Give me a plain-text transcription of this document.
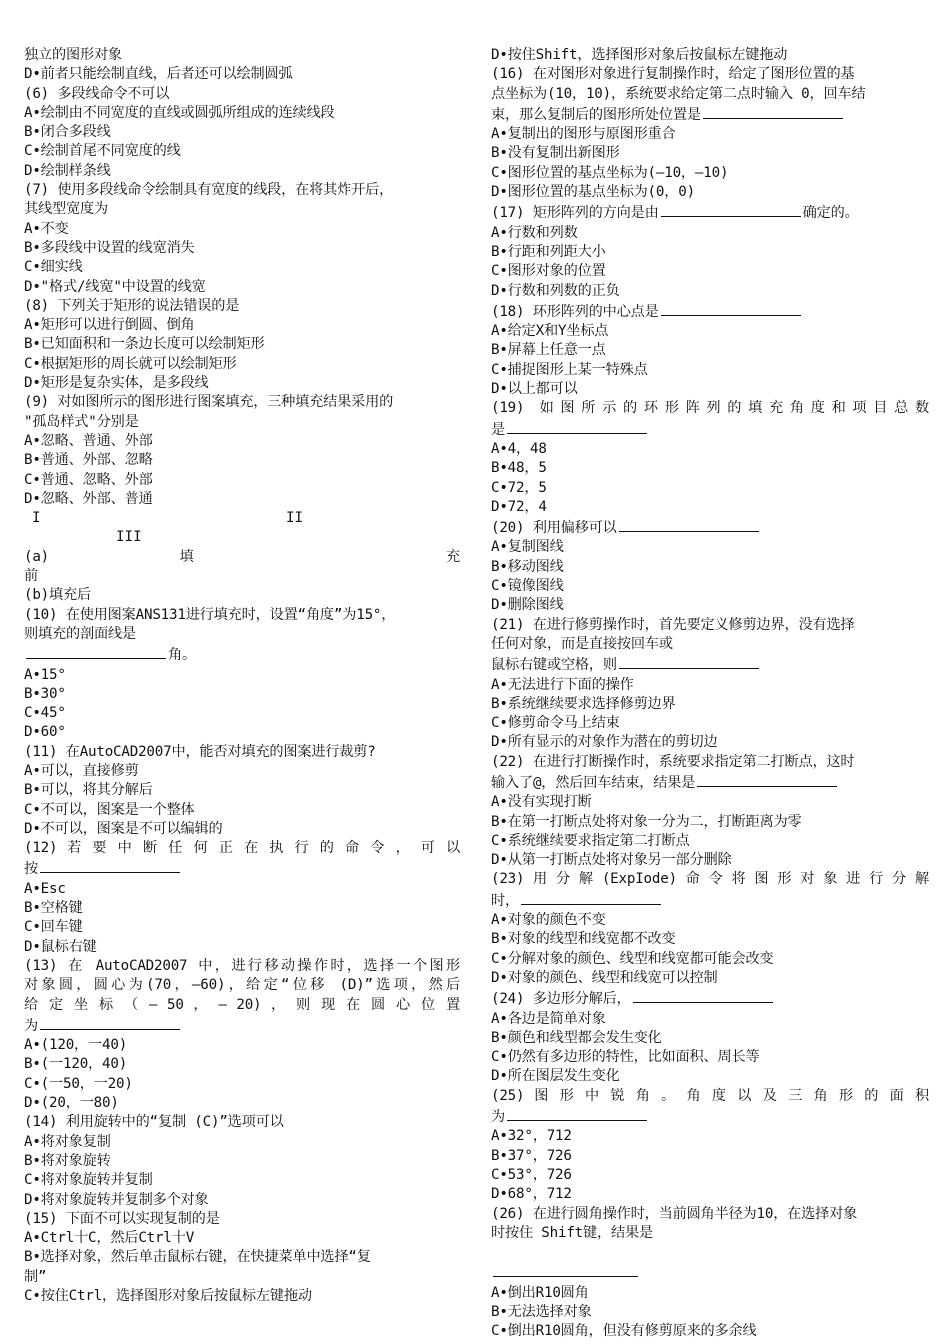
独立的图形对象
D•前者只能绘制直线，后者还可以绘制圆弧
(6) 多段线命令不可以
A•绘制由不同宽度的直线或圆弧所组成的连续线段
B•闭合多段线
C•绘制首尾不同宽度的线
D•绘制样条线
(7) 使用多段线命令绘制具有宽度的线段，在将其炸开后，
其线型宽度为
A•不变
B•多段线中设置的线宽消失
C•细实线
D•"格式/线宽"中设置的线宽
(8) 下列关于矩形的说法错误的是
A•矩形可以进行倒圆、倒角
B•已知面积和一条边长度可以绘制矩形
C•根据矩形的周长就可以绘制矩形
D•矩形是复杂实体，是多段线
(9) 对如图所示的图形进行图案填充，三种填充结果采用的
"孤岛样式"分别是
A•忽略、普通、外部
B•普通、外部、忽略
C•普通、忽略、外部
D•忽略、外部、普通
I	II
III
(a) 填 充
前
(b)填充后
(10) 在使用图案ANS131进行填充时，设置“角度”为15°，
则填充的剖面线是
角。
A•15°
B•30°
C•45°
D•60°
(11) 在AutoCAD2007中，能否对填充的图案进行裁剪?
A•可以，直接修剪
B•可以，将其分解后
C•不可以，图案是一个整体
D•不可以，图案是不可以编辑的
(12) 若 要 中 断 任 何 正 在 执 行 的 命 令 ， 可 以
按
A•Esc
B•空格键
C•回车键
D•鼠标右键
(13) 在 AutoCAD2007 中，进行移动操作时，选择一个图形
对象圆，圆心为(70，—60)，给定“位移 (D)”选项，然后
给 定 坐 标 （ — 50 ， — 20) ， 则 现 在 圆 心 位 置
为
A•(120，一40)
B•(一120，40)
C•(一50，一20)
D•(20，一80)
(14) 利用旋转中的“复制 (C)”选项可以
A•将对象复制
B•将对象旋转
C•将对象旋转并复制
D•将对象旋转并复制多个对象
(15) 下面不可以实现复制的是
A•Ctrl十C，然后Ctrl十V
B•选择对象，然后单击鼠标右键，在快捷菜单中选择“复
制”
C•按住Ctrl，选择图形对象后按鼠标左键拖动
D•按住Shift，选择图形对象后按鼠标左键拖动
(16) 在对图形对象进行复制操作时，给定了图形位置的基
点坐标为(10，10)，系统要求给定第二点时输入 0，回车结
束，那么复制后的图形所处位置是
A•复制出的图形与原图形重合
B•没有复制出新图形
C•图形位置的基点坐标为(—10，—10)
D•图形位置的基点坐标为(0，0)
(17) 矩形阵列的方向是由	确定的。
A•行数和列数
B•行距和列距大小
C•图形对象的位置
D•行数和列数的正负
(18) 环形阵列的中心点是
A•给定X和Y坐标点
B•屏幕上任意一点
C•捕捉图形上某一特殊点
D•以上都可以
(19) 如图所示的环形阵列的填充角度和项目总数
是
A•4，48
B•48，5
C•72，5
D•72，4
(20) 利用偏移可以
A•复制图线
B•移动图线
C•镜像图线
D•删除图线
(21) 在进行修剪操作时，首先要定义修剪边界，没有选择
任何对象，而是直接按回车或
鼠标右键或空格，则
A•无法进行下面的操作
B•系统继续要求选择修剪边界
C•修剪命令马上结束
D•所有显示的对象作为潜在的剪切边
(22) 在进行打断操作时，系统要求指定第二打断点，这时
输入了@，然后回车结束，结果是
A•没有实现打断
B•在第一打断点处将对象一分为二，打断距离为零
C•系统继续要求指定第二打断点
D•从第一打断点处将对象另一部分删除
(23) 用 分 解 (ExpIode) 命 令 将 图 形 对 象 进 行 分 解
时，
A•对象的颜色不变
B•对象的线型和线宽都不改变
C•分解对象的颜色、线型和线宽都可能会改变
D•对象的颜色、线型和线宽可以控制
(24) 多边形分解后，
A•各边是简单对象
B•颜色和线型都会发生变化
C•仍然有多边形的特性，比如面积、周长等
D•所在图层发生变化
(25) 图 形 中 锐 角 。 角 度 以 及 三 角 形 的 面 积
为
A•32°，712
B•37°，726
C•53°，726
D•68°，712
(26) 在进行圆角操作时，当前圆角半径为10，在选择对象
时按住 Shift键，结果是

A•倒出R10圆角
B•无法选择对象
C•倒出R10圆角，但没有修剪原来的多余线
